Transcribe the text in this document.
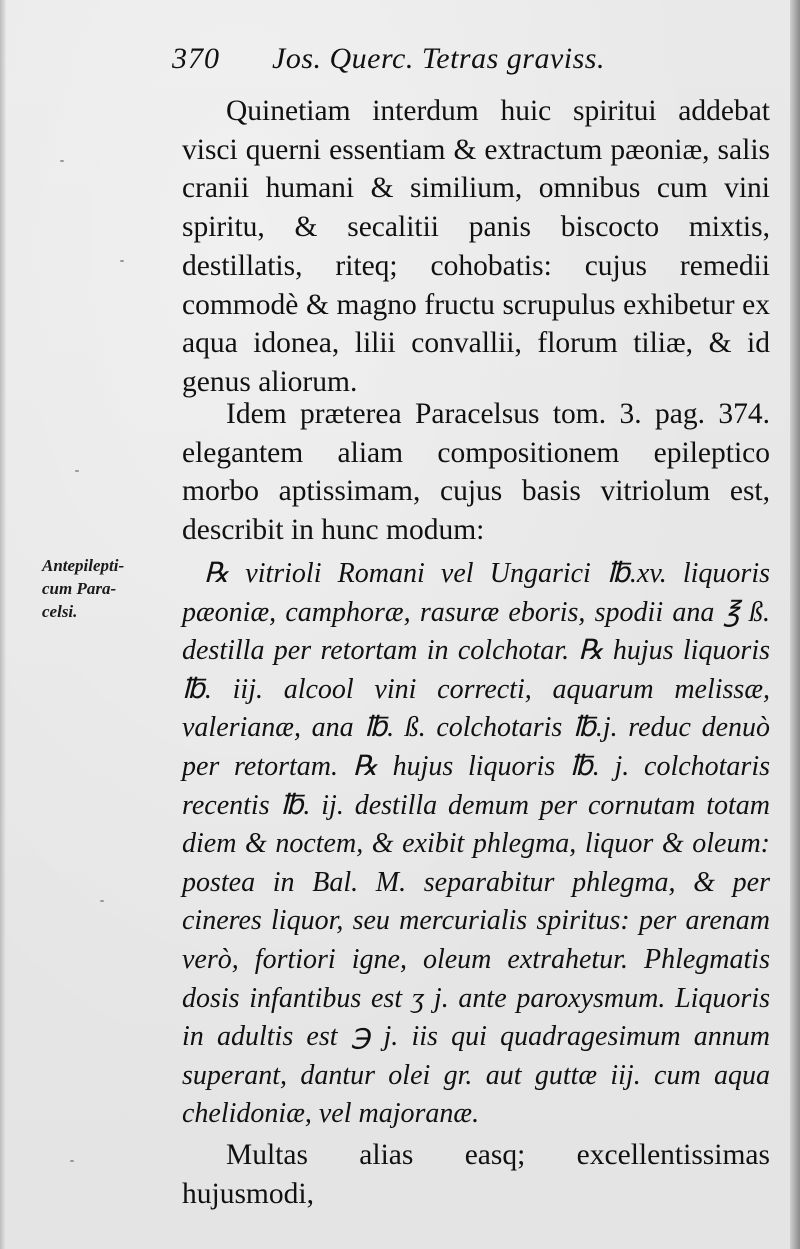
370 Jos. Querc. Tetras graviss.
Quinetiam interdum huic spiritui addebat visci querni essentiam & extractum pæoniæ, salis cranii humani & similium, omnibus cum vini spiritu, & secalitii panis biscocto mixtis, destillatis, riteq; cohobatis: cujus remedii commodè & magno fructu scrupulus exhibetur ex aqua idonea, lilii convallii, florum tiliæ, & id genus aliorum.
Idem præterea Paracelsus tom. 3. pag. 374. elegantem aliam compositionem epileptico morbo aptissimam, cujus basis vitriolum est, describit in hunc modum:
Antepilepti-
cum Para-
celsi.
℞ vitrioli Romani vel Ungarici ℔.xv. liquoris pæoniæ, camphoræ, rasuræ eboris, spodii ana ℥ ß. destilla per retortam in colchotar. ℞ hujus liquoris ℔. iij. alcool vini correcti, aquarum melissæ, valerianæ, ana ℔. ß. colchotaris ℔.j. reduc denuò per retortam. ℞ hujus liquoris ℔. j. colchotaris recentis ℔. ij. destilla demum per cornutam totam diem & noctem, & exibit phlegma, liquor & oleum: postea in Bal. M. separabitur phlegma, & per cineres liquor, seu mercurialis spiritus: per arenam verò, fortiori igne, oleum extrahetur. Phlegmatis dosis infantibus est ʒ j. ante paroxysmum. Liquoris in adultis est ℈ j. iis qui quadragesimum annum superant, dantur olei gr. aut guttæ iij. cum aqua chelidoniæ, vel majoranæ.
Multas alias easq; excellentissimas hujusmodi,
